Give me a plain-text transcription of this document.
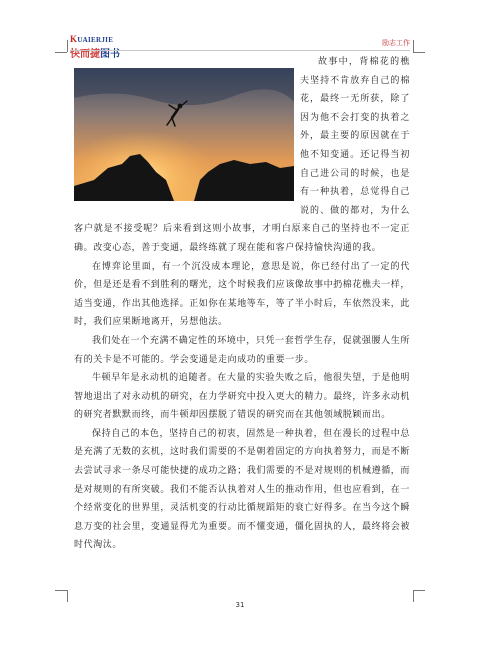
KUAIERJIE
快而捷图书
励志工作

故事中，背棉花的樵夫坚持不肯放弃自己的棉花，最终一无所获，除了因为他不会打变的执着之外，最主要的原因就在于他不知变通。还记得当初自己进公司的时候，也是有一种执着，总觉得自己说的、做的都对，为什么客户就是不接受呢？后来看到这则小故事，才明白原来自己的坚持也不一定正确。改变心态，善于变通，最终练就了现在能和客户保持愉快沟通的我。

在博弈论里面，有一个沉没成本理论，意思是说，你已经付出了一定的代价，但是还是看不到胜利的曙光，这个时候我们应该像故事中扔棉花樵夫一样，适当变通，作出其他选择。正如你在某地等车，等了半小时后，车依然没来，此时，我们应果断地离开，另想他法。

我们处在一个充满不确定性的环境中，只凭一套哲学生存，促就强腰人生所有的关卡是不可能的。学会变通是走向成功的重要一步。

牛顿早年是永动机的追随者。在大量的实验失败之后，他很失望，于是他明智地退出了对永动机的研究，在力学研究中投入更大的精力。最终，许多永动机的研究者默默而终，而牛顿却因摆脱了错误的研究而在其他领域脱颖而出。

保持自己的本色，坚持自己的初衷，固然是一种执着，但在漫长的过程中总是充满了无数的玄机，这时我们需要的不是朝着固定的方向执着努力，而是不断去尝试寻求一条尽可能快捷的成功之路；我们需要的不是对规则的机械遵循，而是对规则的有所突破。我们不能否认执着对人生的推动作用，但也应看到，在一个经常变化的世界里，灵活机变的行动比循规蹈矩的衰亡好得多。在当今这个瞬息万变的社会里，变通显得尤为重要。而不懂变通，僵化固执的人，最终将会被时代淘汰。

31
